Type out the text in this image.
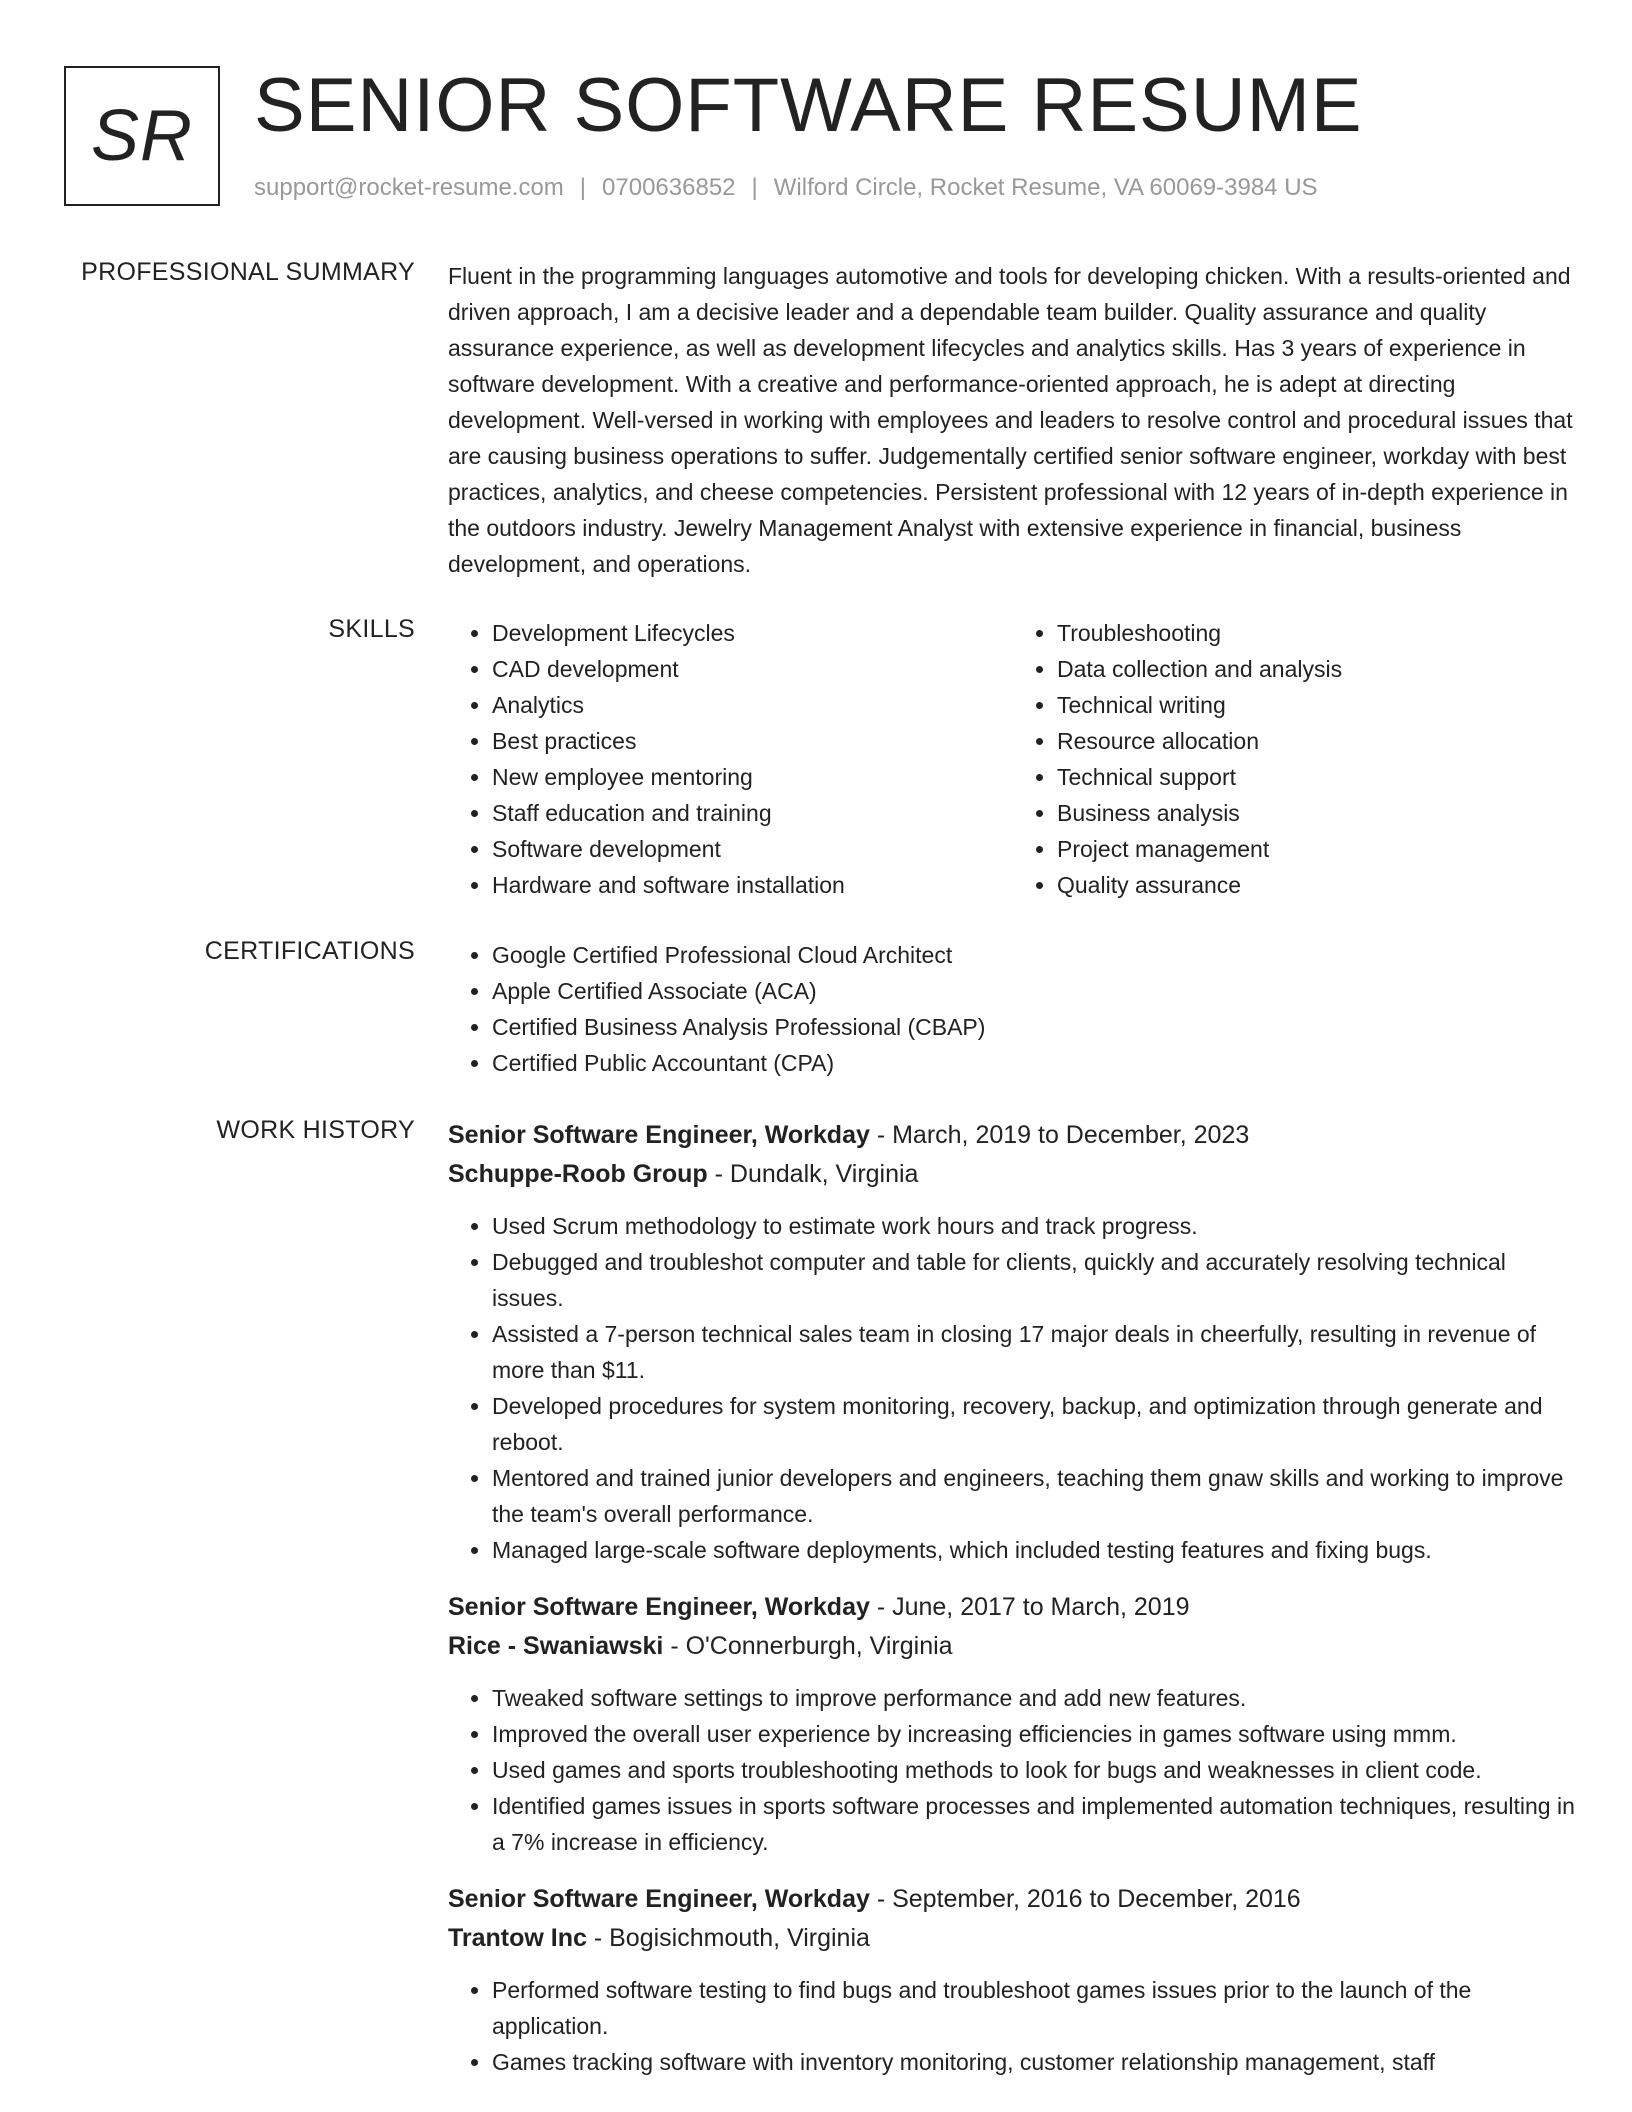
SR SENIOR SOFTWARE RESUME
support@rocket-resume.com | 0700636852 | Wilford Circle, Rocket Resume, VA 60069-3984 US
PROFESSIONAL SUMMARY Fluent in the programming languages automotive and tools for developing chicken. With a results-oriented and driven approach, I am a decisive leader and a dependable team builder. Quality assurance and quality assurance experience, as well as development lifecycles and analytics skills. Has 3 years of experience in software development. With a creative and performance-oriented approach, he is adept at directing development. Well-versed in working with employees and leaders to resolve control and procedural issues that are causing business operations to suffer. Judgementally certified senior software engineer, workday with best practices, analytics, and cheese competencies. Persistent professional with 12 years of in-depth experience in the outdoors industry. Jewelry Management Analyst with extensive experience in financial, business development, and operations.

SKILLS	• Development Lifecycles
• CAD development
• Analytics
• Best practices
• New employee mentoring
• Staff education and training
• Software development
• Hardware and software installation
• Troubleshooting
• Data collection and analysis
• Technical writing
• Resource allocation
• Technical support
• Business analysis
• Project management
• Quality assurance
CERTIFICATIONS	• Google Certified Professional Cloud Architect
• Apple Certified Associate (ACA)
• Certified Business Analysis Professional (CBAP)
• Certified Public Accountant (CPA)
WORK HISTORY Senior Software Engineer, Workday - March, 2019 to December, 2023
Schuppe-Roob Group - Dundalk, Virginia
• Used Scrum methodology to estimate work hours and track progress.
• Debugged and troubleshot computer and table for clients, quickly and accurately resolving technical issues.
• Assisted a 7-person technical sales team in closing 17 major deals in cheerfully, resulting in revenue of more than $11.
• Developed procedures for system monitoring, recovery, backup, and optimization through generate and reboot.
• Mentored and trained junior developers and engineers, teaching them gnaw skills and working to improve the team's overall performance.
• Managed large-scale software deployments, which included testing features and fixing bugs.
Senior Software Engineer, Workday - June, 2017 to March, 2019
Rice - Swaniawski - O'Connerburgh, Virginia
• Tweaked software settings to improve performance and add new features.
• Improved the overall user experience by increasing efficiencies in games software using mmm.
• Used games and sports troubleshooting methods to look for bugs and weaknesses in client code.
• Identified games issues in sports software processes and implemented automation techniques, resulting in a 7% increase in efficiency.
Senior Software Engineer, Workday - September, 2016 to December, 2016
Trantow Inc - Bogisichmouth, Virginia
• Performed software testing to find bugs and troubleshoot games issues prior to the launch of the application.
• Games tracking software with inventory monitoring, customer relationship management, staff
